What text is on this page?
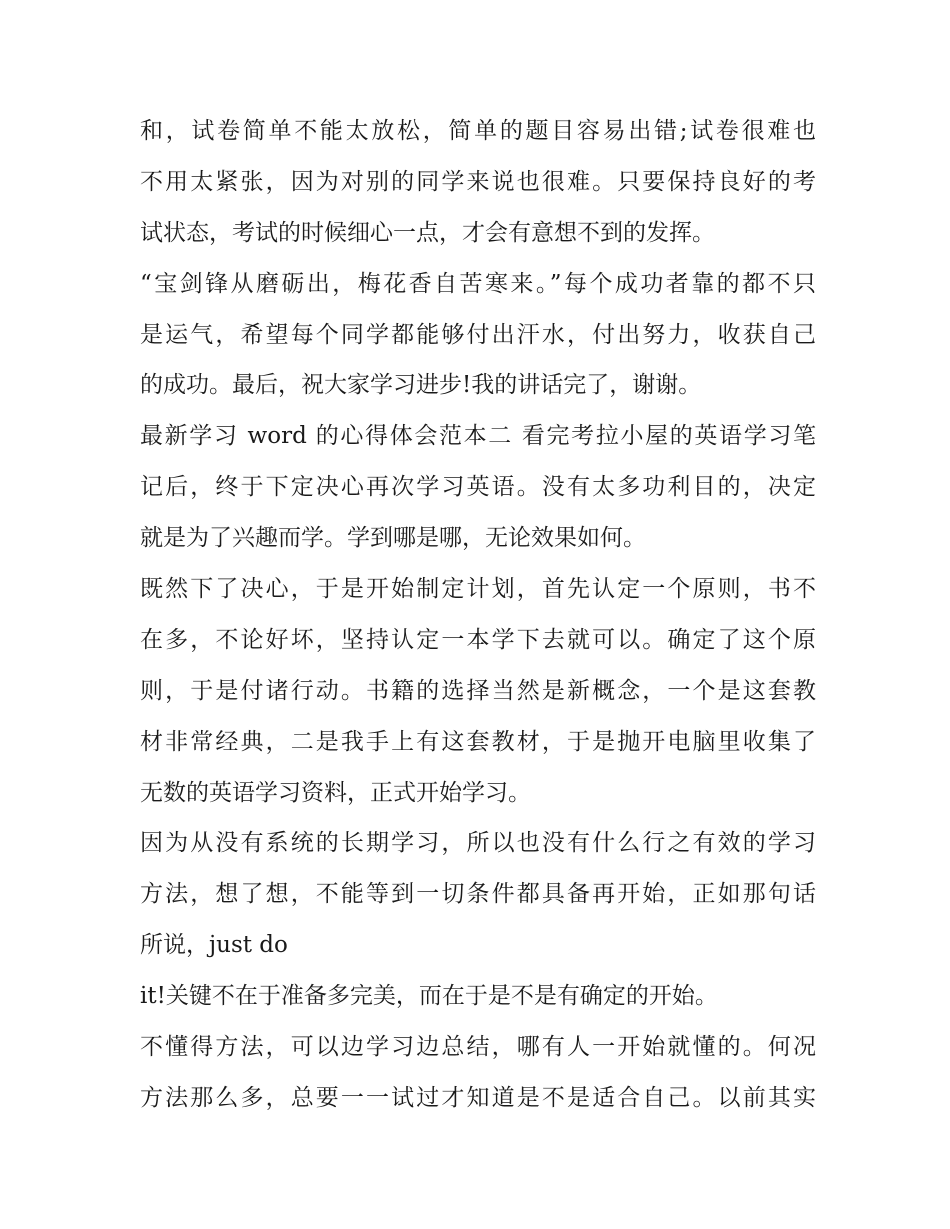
和，试卷简单不能太放松，简单的题目容易出错;试卷很难也
不用太紧张，因为对别的同学来说也很难。只要保持良好的考
试状态，考试的时候细心一点，才会有意想不到的发挥。
“宝剑锋从磨砺出，梅花香自苦寒来。”每个成功者靠的都不只
是运气，希望每个同学都能够付出汗水，付出努力，收获自己
的成功。最后，祝大家学习进步!我的讲话完了，谢谢。
最新学习 word 的心得体会范本二 看完考拉小屋的英语学习笔
记后，终于下定决心再次学习英语。没有太多功利目的，决定
就是为了兴趣而学。学到哪是哪，无论效果如何。
既然下了决心，于是开始制定计划，首先认定一个原则，书不
在多，不论好坏，坚持认定一本学下去就可以。确定了这个原
则，于是付诸行动。书籍的选择当然是新概念，一个是这套教
材非常经典，二是我手上有这套教材，于是抛开电脑里收集了
无数的英语学习资料，正式开始学习。
因为从没有系统的长期学习，所以也没有什么行之有效的学习
方法，想了想，不能等到一切条件都具备再开始，正如那句话
所说，just do
it!关键不在于准备多完美，而在于是不是有确定的开始。
不懂得方法，可以边学习边总结，哪有人一开始就懂的。何况
方法那么多，总要一一试过才知道是不是适合自己。以前其实
